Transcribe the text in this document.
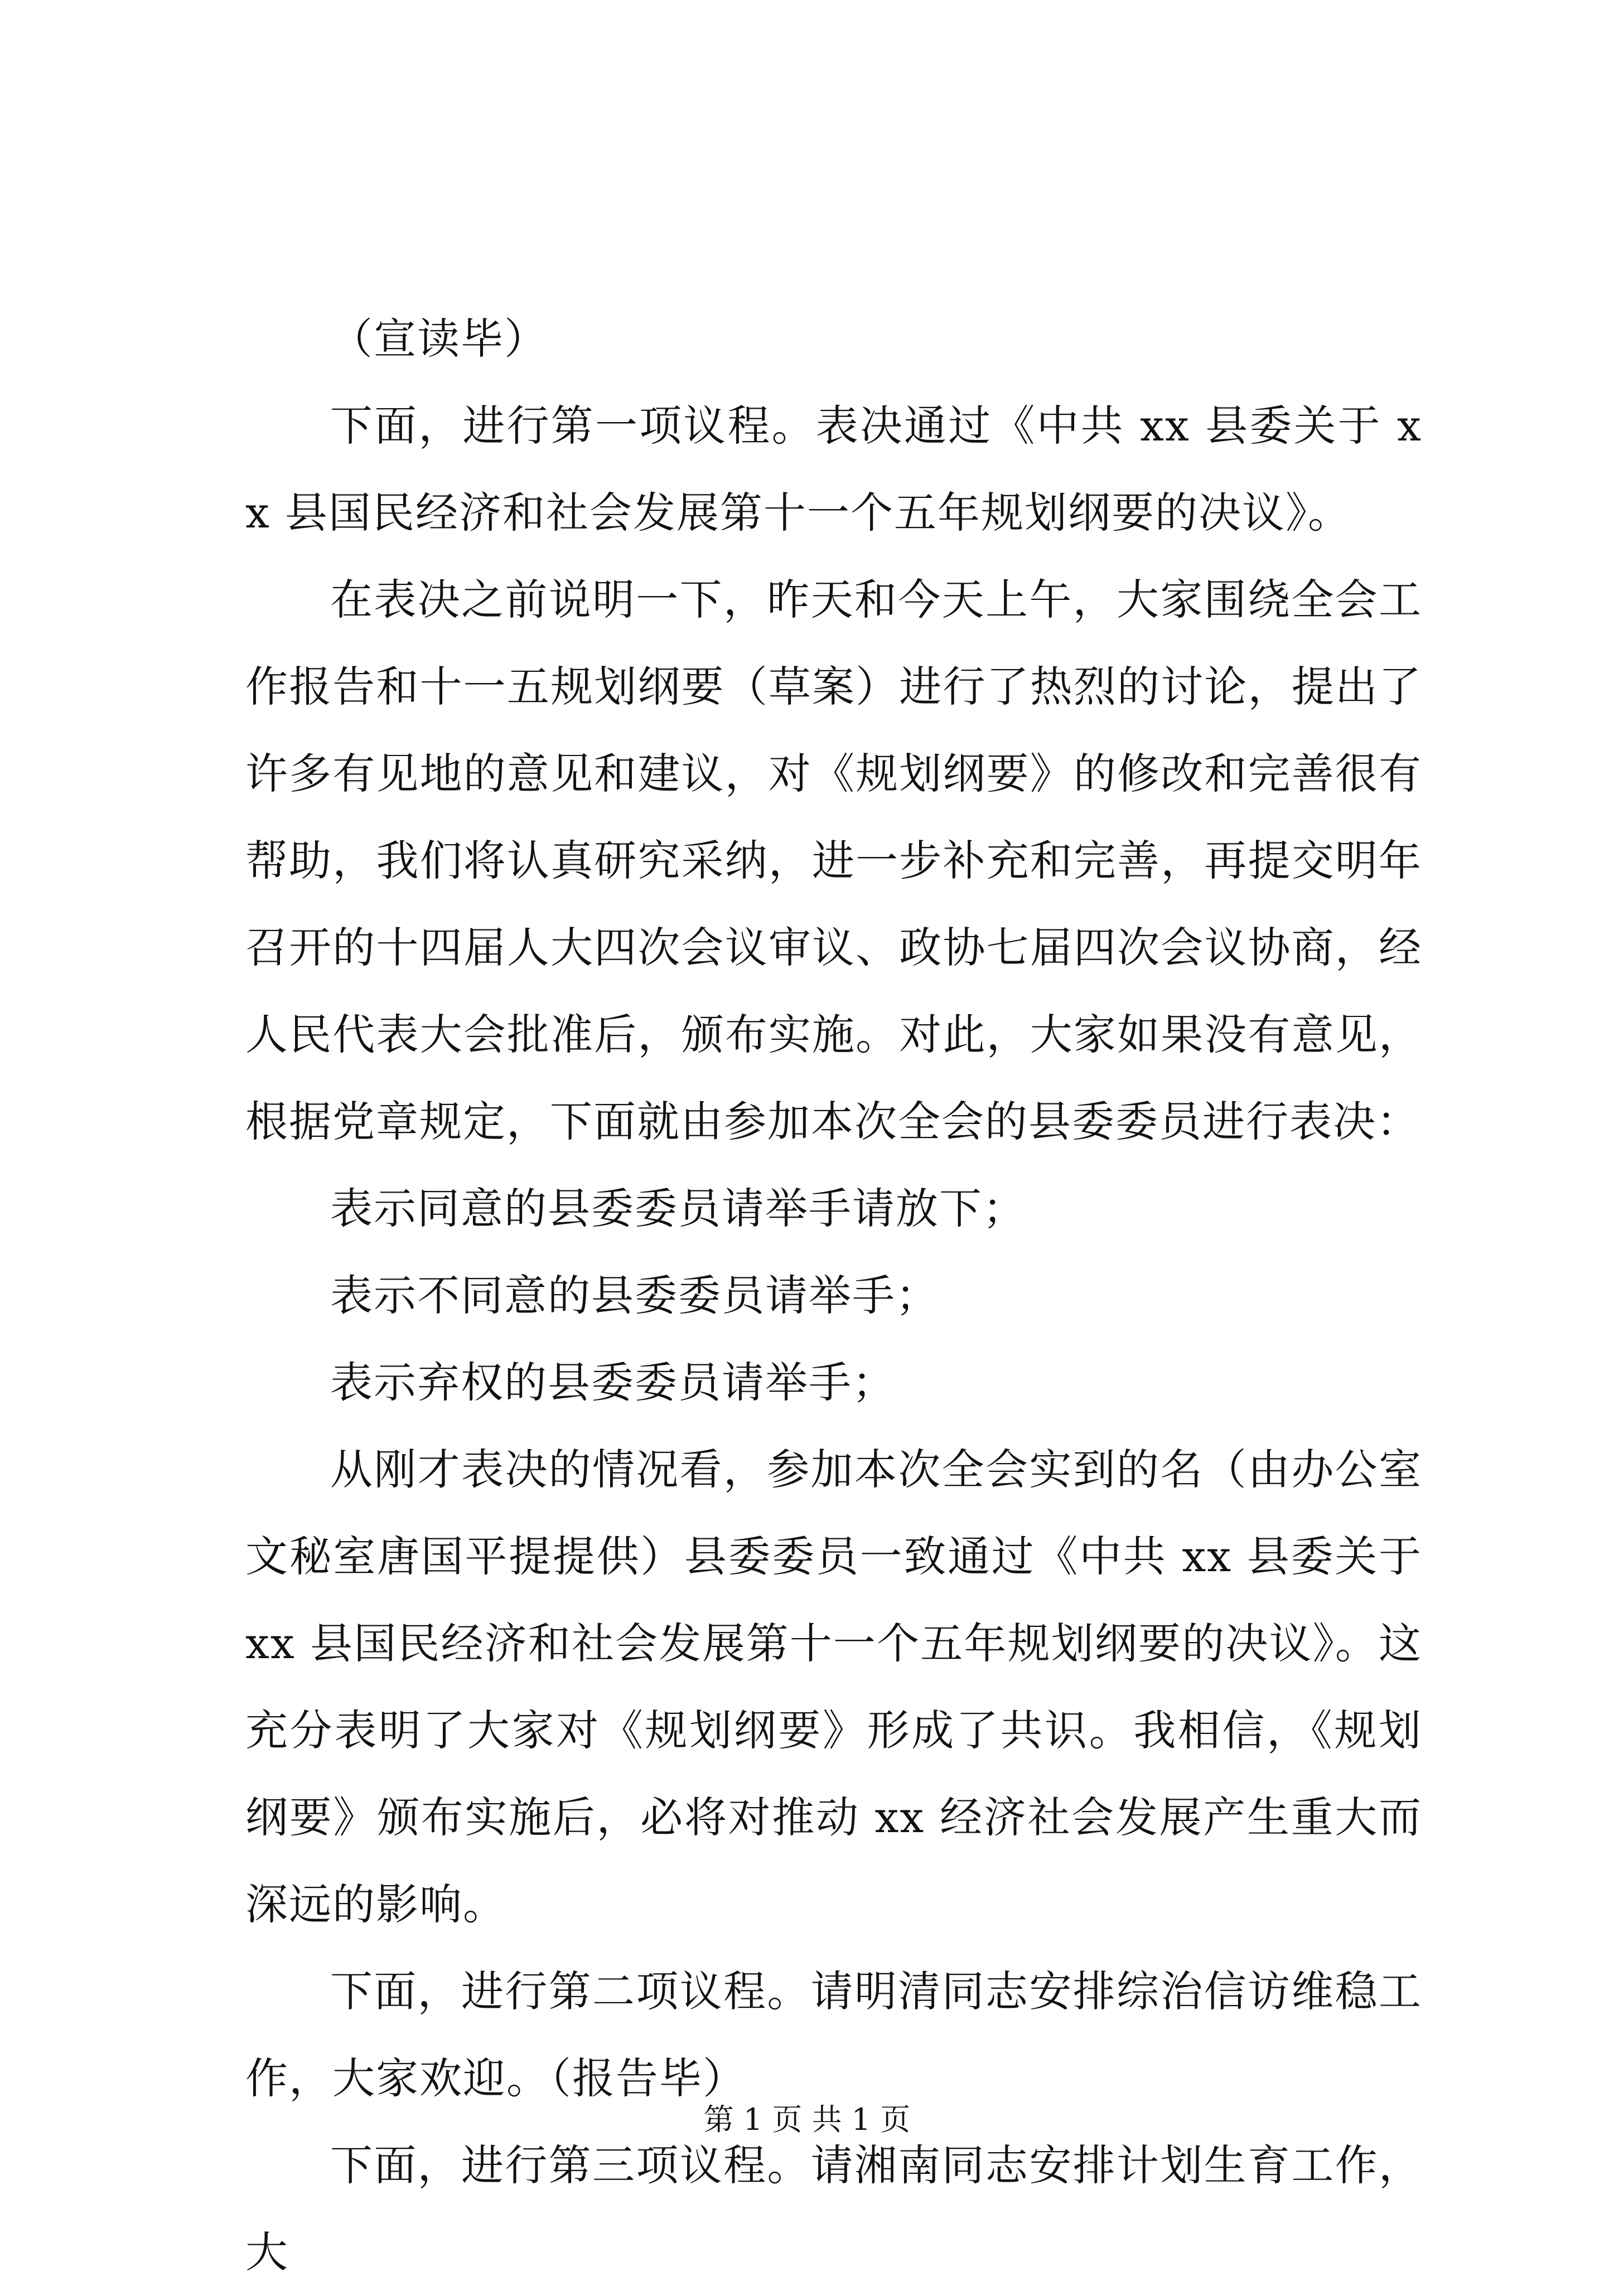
（宣读毕）

下面，进行第一项议程。表决通过《中共 xx 县委关于 xx 县国民经济和社会发展第十一个五年规划纲要的决议》。

在表决之前说明一下，昨天和今天上午，大家围绕全会工作报告和十一五规划纲要（草案）进行了热烈的讨论，提出了许多有见地的意见和建议，对《规划纲要》的修改和完善很有帮助，我们将认真研究采纳，进一步补充和完善，再提交明年召开的十四届人大四次会议审议、政协七届四次会议协商，经人民代表大会批准后，颁布实施。对此，大家如果没有意见，根据党章规定，下面就由参加本次全会的县委委员进行表决：

表示同意的县委委员请举手请放下；

表示不同意的县委委员请举手；

表示弃权的县委委员请举手；

从刚才表决的情况看，参加本次全会实到的名（由办公室文秘室唐国平提提供）县委委员一致通过《中共 xx 县委关于 xx 县国民经济和社会发展第十一个五年规划纲要的决议》。这充分表明了大家对《规划纲要》形成了共识。我相信，《规划纲要》颁布实施后，必将对推动 xx 经济社会发展产生重大而深远的影响。

下面，进行第二项议程。请明清同志安排综治信访维稳工作，大家欢迎。（报告毕）

下面，进行第三项议程。请湘南同志安排计划生育工作，大

第 1 页 共 1 页
